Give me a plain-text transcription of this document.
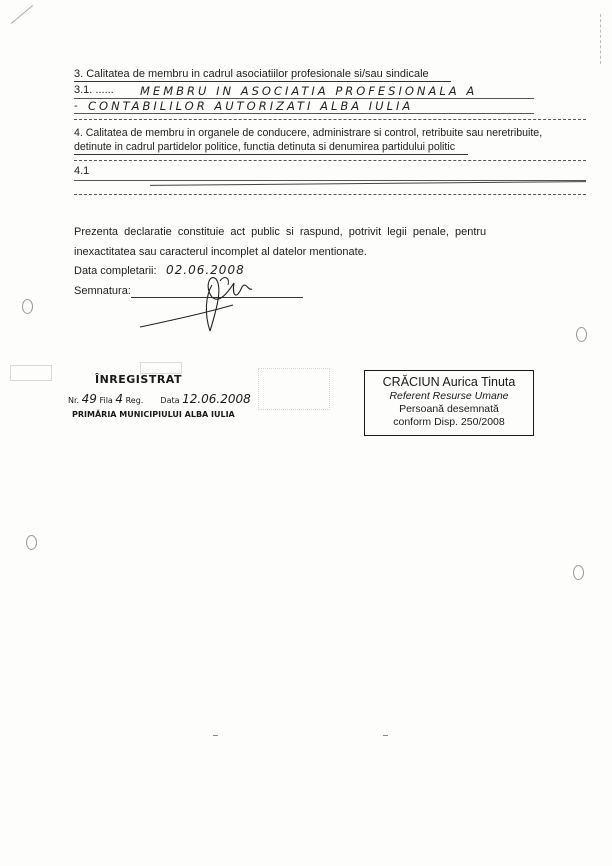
3. Calitatea de membru in cadrul asociatiilor profesionale si/sau sindicale
3.1. ...... MEMBRU IN ASOCIATIA PROFESIONALA A
- CONTABILILOR AUTORIZATI ALBA IULIA
4. Calitatea de membru in organele de conducere, administrare si control, retribuite sau neretribuite,
detinute in cadrul partidelor politice, functia detinuta si denumirea partidului politic
4.1
Prezenta declaratie constituie act public si raspund, potrivit legii penale, pentru
inexactitatea sau caracterul incomplet al datelor mentionate.
Data completarii: 02.06.2008
Semnatura:
ÎNREGISTRAT
Nr. 49 Fila 4 Reg. Data 12.06.2008
PRIMĂRIA MUNICIPIULUI ALBA IULIA
CRĂCIUN Aurica Tinuta
Referent Resurse Umane
Persoană desemnată
conform Disp. 250/2008
